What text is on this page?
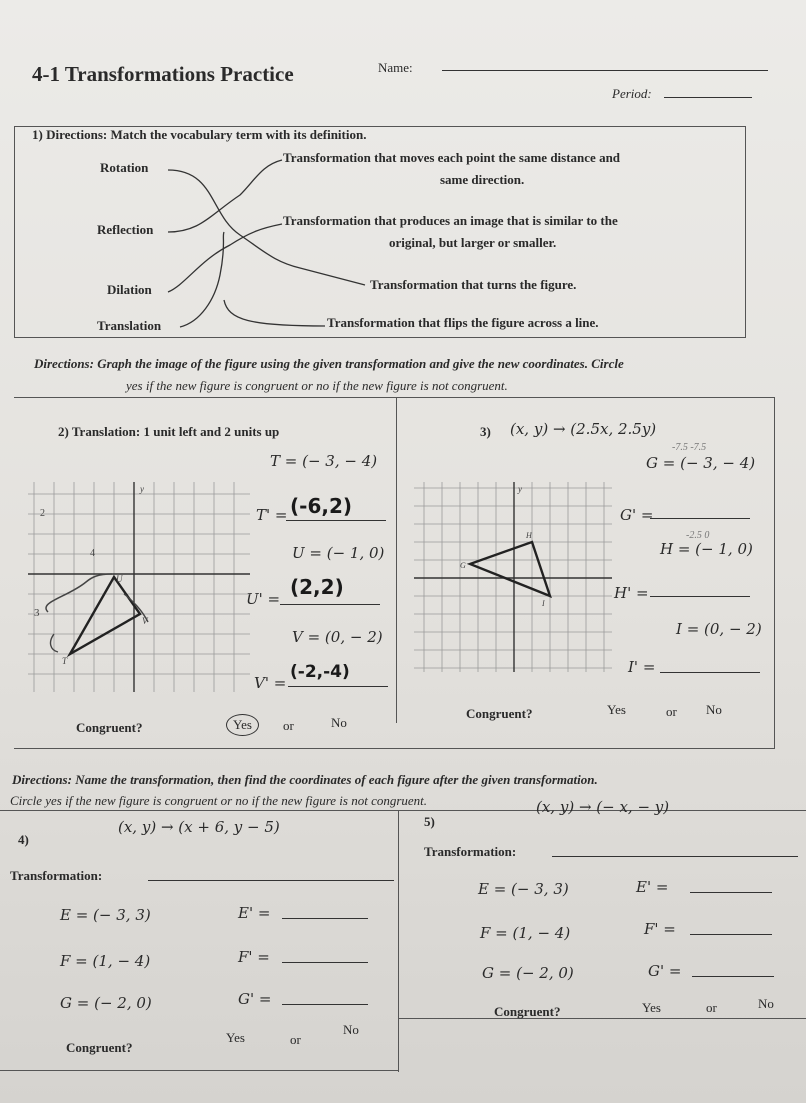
4-1 Transformations Practice	Name:
Period:
1) Directions: Match the vocabulary term with its definition.
Rotation
Reflection
Dilation
Translation
Transformation that moves each point the same distance and
same direction.
Transformation that produces an image that is similar to the
original, but larger or smaller.
Transformation that turns the figure.
Transformation that flips the figure across a line.
Directions: Graph the image of the figure using the given transformation and give the new coordinates. Circle
yes if the new figure is congruent or no if the new figure is not congruent.
2) Translation: 1 unit left and 2 units up
T = (− 3, − 4)
T' = (-6,2)
U = (− 1, 0)
U' = (2,2)
V = (0, − 2)
V' =
(-2,-4)
y
2
4
3
U
T
V
Congruent?	Yes	or	No
3) (x, y) → (2.5x, 2.5y)
-7.5 -7.5
G = (− 3, − 4)
G' =
-2.5 0
H = (− 1, 0)
H' =
I = (0, − 2)
I' =
y
H
G
I
Congruent?	Yes	or No
Directions: Name the transformation, then find the coordinates of each figure after the given transformation.
Circle yes if the new figure is congruent or no if the new figure is not congruent.
4)
(x, y) → (x + 6, y − 5)
Transformation:
E = (− 3, 3)	E' =
F = (1, − 4)	F' =
G = (− 2, 0)	G' =
Congruent?
Yes	or
No
5)
(x, y) → (− x, − y)
Transformation:
E = (− 3, 3)	E' =
F = (1, − 4)	F' =
G = (− 2, 0)	G' =
Congruent?	Yes	or	No
